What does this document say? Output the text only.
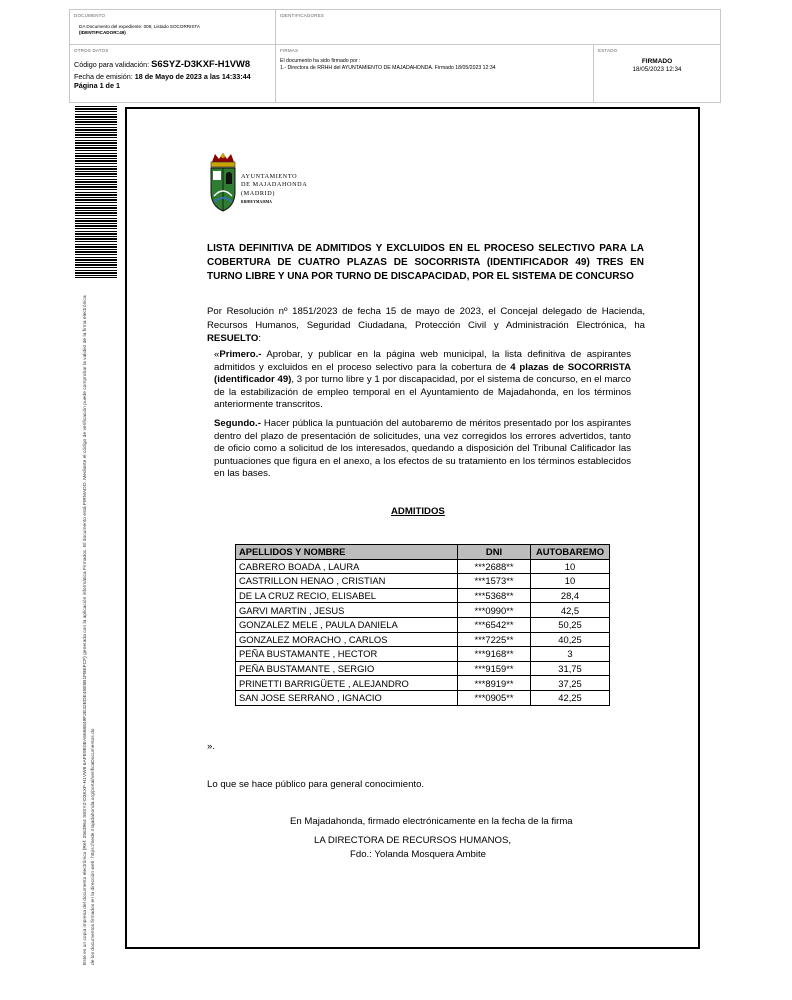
DOCUMENTO
DA Documento del expediente: 006; Listado SOCORRISTA
(IDENTIFICADOR=49)
IDENTIFICADORES
OTROS DATOS
Código para validación: S6SYZ-D3KXF-H1VW8
Fecha de emisión: 18 de Mayo de 2023 a las 14:33:44
Página 1 de 1
FIRMAS
El documento ha sido firmado por :
1.- Directora de RRHH del AYUNTAMIENTO DE MAJADAHONDA. Firmado 18/05/2023 12:34
ESTADO
FIRMADO
18/05/2023 12:34
Este es un copia impresa del documento electrónico (Ref: 2563964 S6SYZ-D3KXF-H1VW8 6AFE9E0EA5668849F2E32EDE45E5B1FBEFCF) generada con la aplicación informática Firmadoc. El documento está FIRMADO. Mediante el código de verificación puede comprobar la validez de la firma electrónica de los documentos firmados en la dirección web: https://sede.majadahonda.org/portal/verificaDocumentos.do
AYUNTAMIENTO
DE MAJADAHONDA
(MADRID)
RRHH/YMA/BMA
LISTA DEFINITIVA DE ADMITIDOS Y EXCLUIDOS EN EL PROCESO SELECTIVO PARA LA COBERTURA DE CUATRO PLAZAS DE SOCORRISTA (IDENTIFICADOR 49) TRES EN TURNO LIBRE Y UNA POR TURNO DE DISCAPACIDAD, POR EL SISTEMA DE CONCURSO
Por Resolución nº 1851/2023 de fecha 15 de mayo de 2023, el Concejal delegado de Hacienda, Recursos Humanos, Seguridad Ciudadana, Protección Civil y Administración Electrónica, ha RESUELTO:
«Primero.- Aprobar, y publicar en la página web municipal, la lista definitiva de aspirantes admitidos y excluidos en el proceso selectivo para la cobertura de 4 plazas de SOCORRISTA (identificador 49), 3 por turno libre y 1 por discapacidad, por el sistema de concurso, en el marco de la estabilización de empleo temporal en el Ayuntamiento de Majadahonda, en los términos anteriormente transcritos.
Segundo.- Hacer pública la puntuación del autobaremo de méritos presentado por los aspirantes dentro del plazo de presentación de solicitudes, una vez corregidos los errores advertidos, tanto de oficio como a solicitud de los interesados, quedando a disposición del Tribunal Calificador las puntuaciones que figura en el anexo, a los efectos de su tratamiento en los términos establecidos en las bases.
ADMITIDOS
APELLIDOS Y NOMBRE	DNI	AUTOBAREMO
CABRERO BOADA , LAURA	***2688**	10
CASTRILLON HENAO , CRISTIAN	***1573**	10
DE LA CRUZ RECIO, ELISABEL	***5368**	28,4
GARVI MARTIN , JESUS	***0990**	42,5
GONZALEZ MELE , PAULA DANIELA	***6542**	50,25
GONZALEZ MORACHO , CARLOS	***7225**	40,25
PEÑA BUSTAMANTE , HECTOR	***9168**	3
PEÑA BUSTAMANTE , SERGIO	***9159**	31,75
PRINETTI BARRIGÜETE , ALEJANDRO	***8919**	37,25
SAN JOSE SERRANO , IGNACIO	***0905**	42,25
».
Lo que se hace público para general conocimiento.
En Majadahonda, firmado electrónicamente en la fecha de la firma
LA DIRECTORA DE RECURSOS HUMANOS,
Fdo.: Yolanda Mosquera Ambite
